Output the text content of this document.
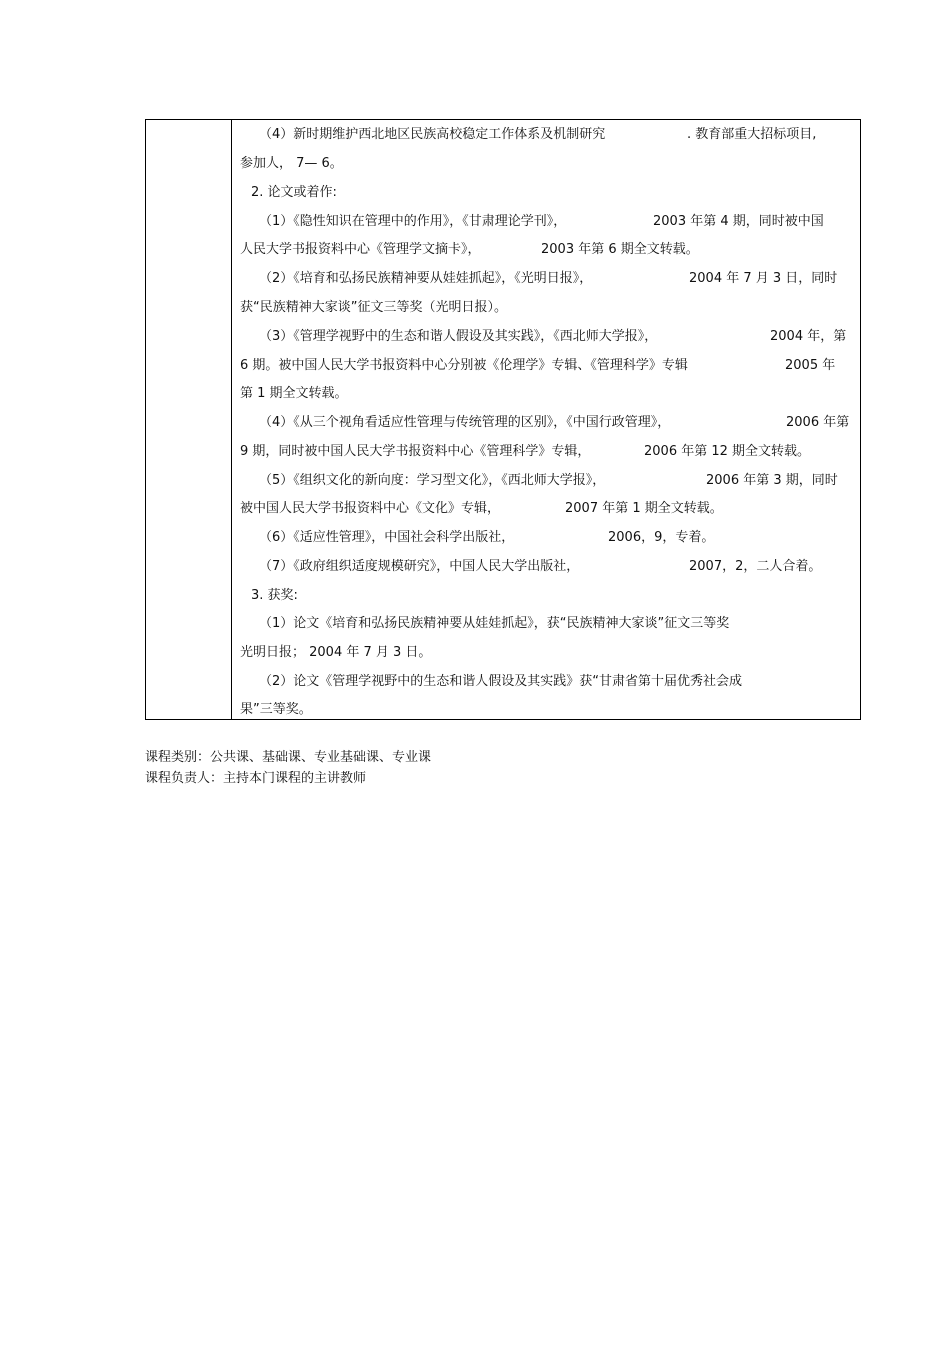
（4）新时期维护西北地区民族高校稳定工作体系及机制研究	. 教育部重大招标项目,
参加人， 7— 6。
2. 论文或着作:
（1）《隐性知识在管理中的作用》，《甘肃理论学刊》，	2003 年第 4 期，同时被中国
人民大学书报资料中心《管理学文摘卡》，	2003 年第 6 期全文转载。
（2）《培育和弘扬民族精神要从娃娃抓起》，《光明日报》，	2004 年 7 月 3 日，同时
获“民族精神大家谈”征文三等奖（光明日报）。
（3）《管理学视野中的生态和谐人假设及其实践》，《西北师大学报》，	2004 年，第
6 期。被中国人民大学书报资料中心分别被《伦理学》专辑、《管理科学》专辑	2005 年
第 1 期全文转载。
（4）《从三个视角看适应性管理与传统管理的区别》，《中国行政管理》，	2006 年第
9 期，同时被中国人民大学书报资料中心《管理科学》专辑，	2006 年第 12 期全文转载。
（5）《组织文化的新向度：学习型文化》，《西北师大学报》，	2006 年第 3 期，同时
被中国人民大学书报资料中心《文化》专辑，	2007 年第 1 期全文转载。
（6）《适应性管理》，中国社会科学出版社，	2006，9，专着。
（7）《政府组织适度规模研究》，中国人民大学出版社，	2007，2，二人合着。
3. 获奖:
（1）论文《培育和弘扬民族精神要从娃娃抓起》，获“民族精神大家谈”征文三等奖
光明日报； 2004 年 7 月 3 日。
（2）论文《管理学视野中的生态和谐人假设及其实践》获“甘肃省第十届优秀社会成
果”三等奖。
课程类别：公共课、基础课、专业基础课、专业课
课程负责人：主持本门课程的主讲教师
